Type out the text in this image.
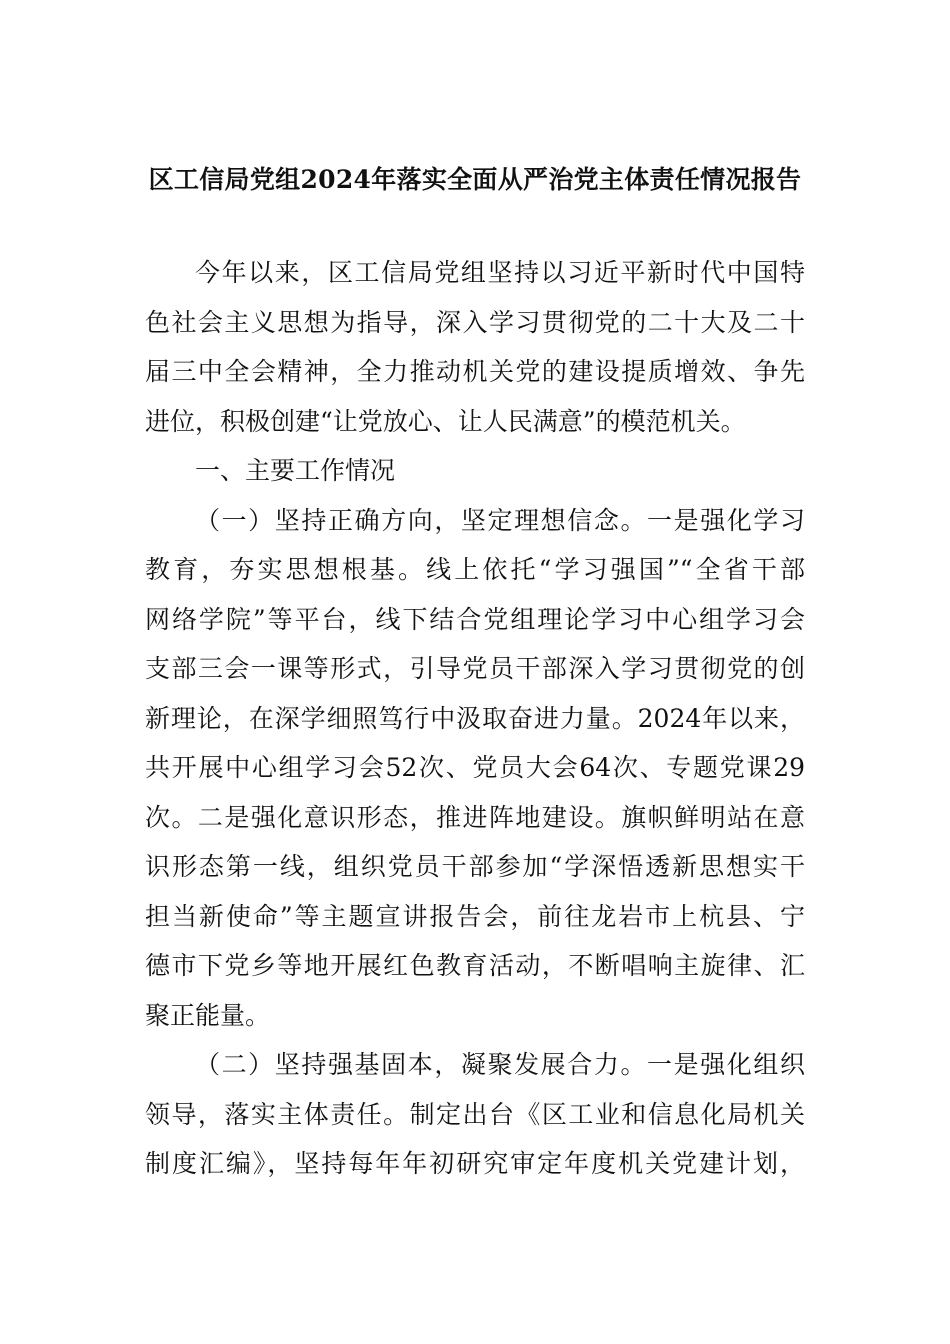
区工信局党组2024年落实全面从严治党主体责任情况报告
今年以来，区工信局党组坚持以习近平新时代中国特
色社会主义思想为指导，深入学习贯彻党的二十大及二十
届三中全会精神，全力推动机关党的建设提质增效、争先
进位，积极创建“让党放心、让人民满意”的模范机关。
一、主要工作情况
（一）坚持正确方向，坚定理想信念。一是强化学习
教育，夯实思想根基。线上依托“学习强国”“全省干部
网络学院”等平台，线下结合党组理论学习中心组学习会
支部三会一课等形式，引导党员干部深入学习贯彻党的创
新理论，在深学细照笃行中汲取奋进力量。2024年以来，
共开展中心组学习会52次、党员大会64次、专题党课29
次。二是强化意识形态，推进阵地建设。旗帜鲜明站在意
识形态第一线，组织党员干部参加“学深悟透新思想实干
担当新使命”等主题宣讲报告会，前往龙岩市上杭县、宁
德市下党乡等地开展红色教育活动，不断唱响主旋律、汇
聚正能量。
（二）坚持强基固本，凝聚发展合力。一是强化组织
领导，落实主体责任。制定出台《区工业和信息化局机关
制度汇编》，坚持每年年初研究审定年度机关党建计划，
